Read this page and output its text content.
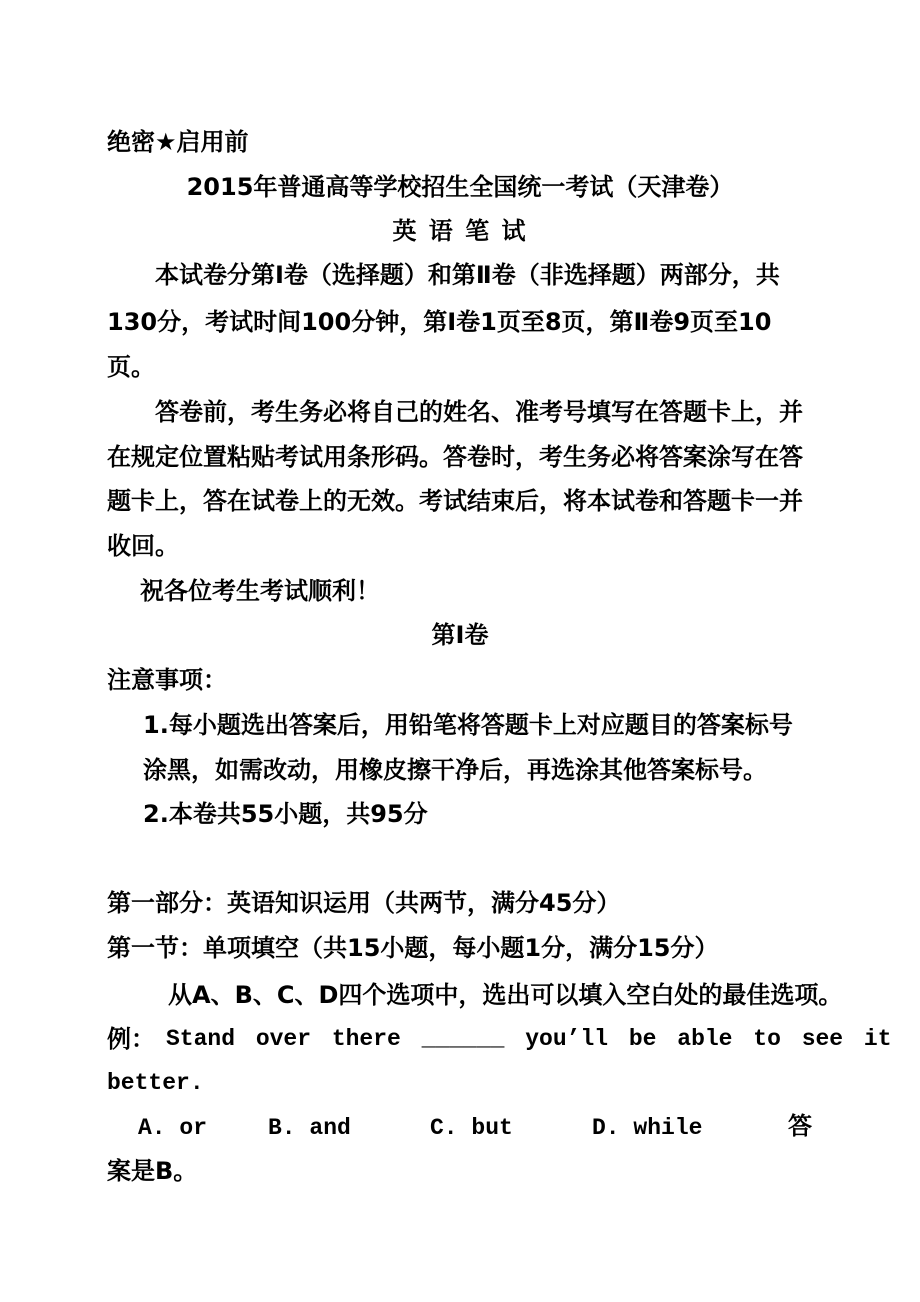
绝密★启用前
2015年普通高等学校招生全国统一考试（天津卷）
英 语 笔 试
本试卷分第Ⅰ卷（选择题）和第Ⅱ卷（非选择题）两部分，共
130分，考试时间100分钟，第Ⅰ卷1页至8页，第Ⅱ卷9页至10
页。
答卷前，考生务必将自己的姓名、准考号填写在答题卡上，并
在规定位置粘贴考试用条形码。答卷时，考生务必将答案涂写在答
题卡上，答在试卷上的无效。考试结束后，将本试卷和答题卡一并
收回。
祝各位考生考试顺利！
第Ⅰ卷
注意事项：
1.每小题选出答案后，用铅笔将答题卡上对应题目的答案标号
涂黑，如需改动，用橡皮擦干净后，再选涂其他答案标号。
2.本卷共55小题，共95分
第一部分：英语知识运用（共两节，满分45分）
第一节：单项填空（共15小题，每小题1分，满分15分）
从A、B、C、D四个选项中，选出可以填入空白处的最佳选项。
例： Stand over there ______ you’ll be able to see it
better.
A. or	B. and	C. but	D. while	答
案是B。
